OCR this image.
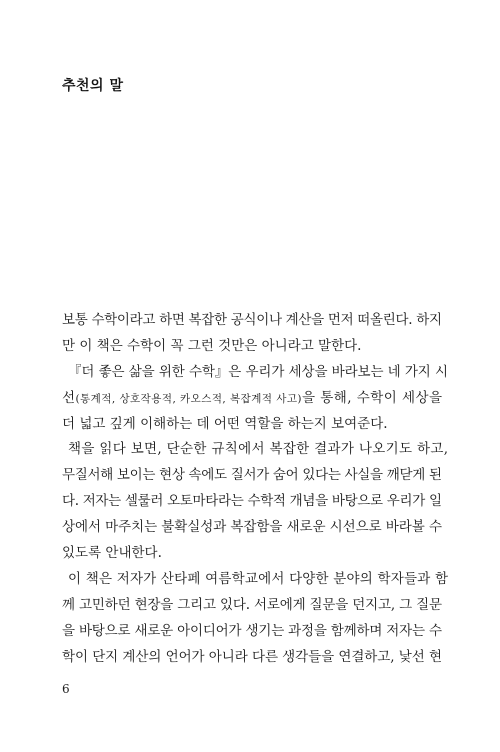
추천의 말
보통 수학이라고 하면 복잡한 공식이나 계산을 먼저 떠올린다. 하지
만 이 책은 수학이 꼭 그런 것만은 아니라고 말한다.
『더 좋은 삶을 위한 수학』은 우리가 세상을 바라보는 네 가지 시
선(통계적, 상호작용적, 카오스적, 복잡계적 사고)을 통해, 수학이 세상을
더 넓고 깊게 이해하는 데 어떤 역할을 하는지 보여준다.
책을 읽다 보면, 단순한 규칙에서 복잡한 결과가 나오기도 하고,
무질서해 보이는 현상 속에도 질서가 숨어 있다는 사실을 깨닫게 된
다. 저자는 셀룰러 오토마타라는 수학적 개념을 바탕으로 우리가 일
상에서 마주치는 불확실성과 복잡함을 새로운 시선으로 바라볼 수
있도록 안내한다.
이 책은 저자가 산타페 여름학교에서 다양한 분야의 학자들과 함
께 고민하던 현장을 그리고 있다. 서로에게 질문을 던지고, 그 질문
을 바탕으로 새로운 아이디어가 생기는 과정을 함께하며 저자는 수
학이 단지 계산의 언어가 아니라 다른 생각들을 연결하고, 낯선 현
6
